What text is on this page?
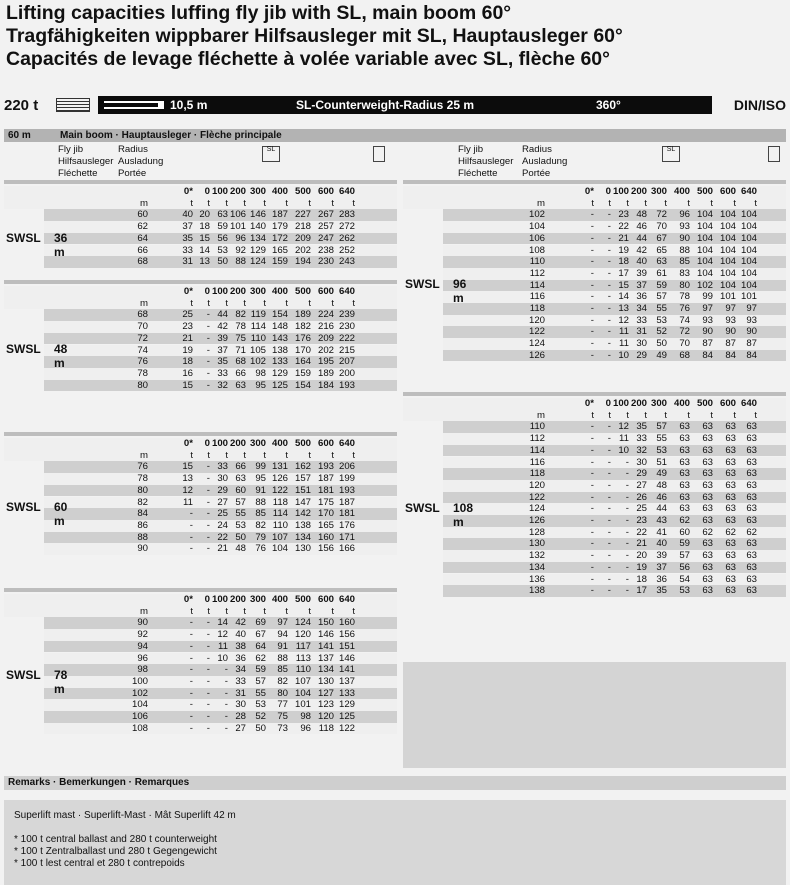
Lifting capacities luffing fly jib with SL, main boom 60°
Tragfähigkeiten wippbarer Hilfsausleger mit SL, Hauptausleger 60°
Capacités de levage fléchette à volée variable avec SL, flèche 60°
220 t	10,5 m	SL-Counterweight-Radius 25 m	360°	DIN/ISO
60 m	Main boom · Hauptausleger · Flèche principale
Fly jib	Radius
Hilfsausleger Ausladung
Fléchette Portée
SL	Fly jib	Radius
Hilfsausleger Ausladung
Fléchette	Portée
SL
0*	0 100 200 300 400 500 600 640
m	t	t	t	t	t	t	t	t	t
60	40 20 63 106 146 187 227 267 283
62	37 18 59 101 140 179 218 257 272
64	35 15 56 96 134 172 209 247 262
66	33 14 53 92 129 165 202 238 252
68	31 13 50 88 124 159 194 230 243
SWSL 36 m
0*	0 100 200 300 400 500 600 640
m	t	t	t	t	t	t	t	t	t
68	25	- 44 82 119 154 189 224 239
70	23	- 42 78 114 148 182 216 230
72	21	- 39 75 110 143 176 209 222
74	19	- 37 71 105 138 170 202 215
76	18	- 35 68 102 133 164 195 207
78	16	- 33 66 98 129 159 189 200
80	15	- 32 63 95 125 154 184 193
SWSL 48 m
0*	0 100 200 300 400 500 600 640
m	t	t	t	t	t	t	t	t	t
76	15	- 33 66 99 131 162 193 206
78	13	- 30 63 95 126 157 187 199
80	12	- 29 60 91 122 151 181 193
82	11	- 27 57 88 118 147 175 187
84	-	- 25 55 85 114 142 170 181
86	-	- 24 53 82 110 138 165 176
88	-	- 22 50 79 107 134 160 171
90	-	- 21 48 76 104 130 156 166
SWSL 60 m
0*	0 100 200 300 400 500 600 640
m	t	t	t	t	t	t	t	t	t
90	-	- 14 42 69	97 124 150 160
92	-	- 12 40 67	94 120 146 156
94	-	- 11 38 64	91 117 141 151
96	-	- 10 36 62	88 113 137 146
98	-	-	- 34 59	85 110 134 141
100	-	-	- 33 57	82 107 130 137
102	-	-	- 31 55	80 104 127 133
104	-	-	- 30 53	77 101 123 129
106	-	-	- 28 52	75	98 120 125
108	-	-	- 27 50	73	96 118 122
SWSL 78 m
0*	0 100 200 300 400 500 600 640
m	t	t	t	t	t	t	t	t	t
102	-	- 23 48 72	96 104 104 104
104	-	- 22 46 70	93 104 104 104
106	-	- 21 44 67	90 104 104 104
108	-	- 19 42 65	88 104 104 104
110	-	- 18 40 63	85 104 104 104
112	-	- 17 39 61	83 104 104 104
114	-	- 15 37 59	80 102 104 104
116	-	- 14 36 57	78	99 101 101
118	-	- 13 34 55	76	97	97	97
120	-	- 12 33 53	74	93	93	93
122	-	- 11 31 52	72	90	90	90
124	-	- 11 30 50	70	87	87	87
126	-	- 10 29 49	68	84	84	84
SWSL 96 m
0*	0 100 200 300 400 500 600 640
m	t	t	t	t	t	t	t	t	t
110	-	- 12 35 57	63	63	63	63
112	-	- 11 33 55	63	63	63	63
114	-	- 10 32 53	63	63	63	63
116	-	-	- 30 51	63	63	63	63
118	-	-	- 29 49	63	63	63	63
120	-	-	- 27 48	63	63	63	63
122	-	-	- 26 46	63	63	63	63
124	-	-	- 25 44	63	63	63	63
126	-	-	- 23 43	62	63	63	63
128	-	-	- 22 41	60	62	62	62
130	-	-	- 21 40	59	63	63	63
132	-	-	- 20 39	57	63	63	63
134	-	-	- 19 37	56	63	63	63
136	-	-	- 18 36	54	63	63	63
138	-	-	- 17 35	53	63	63	63
SWSL 108 m
Remarks · Bemerkungen · Remarques
Superlift mast · Superlift-Mast · Mât Superlift 42 m
* 100 t central ballast and 280 t counterweight
* 100 t Zentralballast und 280 t Gegengewicht
* 100 t lest central et 280 t contrepoids
